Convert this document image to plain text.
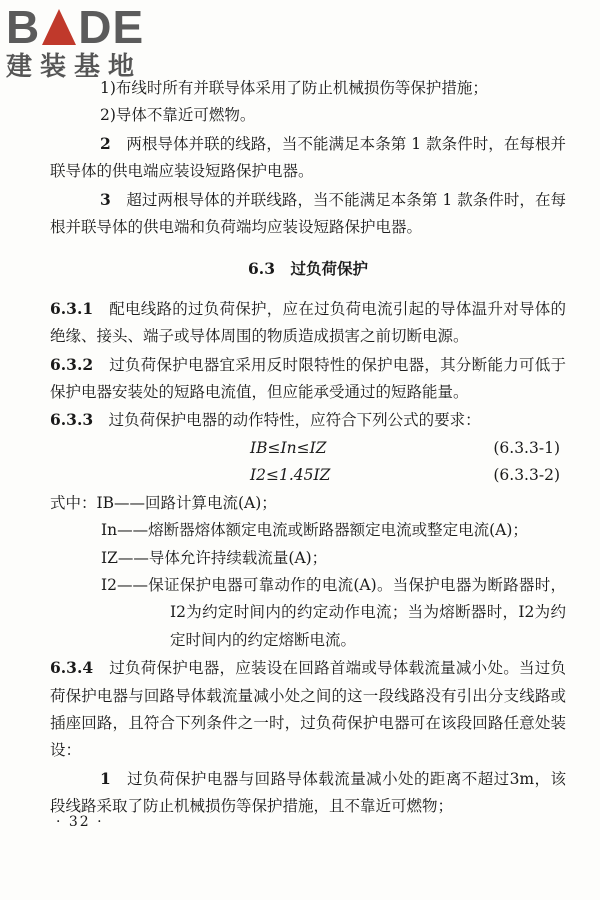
B DE
建装基地

1)布线时所有并联导体采用了防止机械损伤等保护措施；

2)导体不靠近可燃物。

2　 两根导体并联的线路，当不能满足本条第 1 款条件时，在每根并联导体的供电端应装设短路保护电器。

3　 超过两根导体的并联线路，当不能满足本条第 1 款条件时，在每根并联导体的供电端和负荷端均应装设短路保护电器。

6.3　过负荷保护

6.3.1　 配电线路的过负荷保护，应在过负荷电流引起的导体温升对导体的绝缘、接头、端子或导体周围的物质造成损害之前切断电源。

6.3.2　 过负荷保护电器宜采用反时限特性的保护电器，其分断能力可低于保护电器安装处的短路电流值，但应能承受通过的短路能量。

6.3.3　 过负荷保护电器的动作特性，应符合下列公式的要求：

IB≤In≤IZ	(6.3.3-1)
I2≤1.45IZ	(6.3.3-2)

式中：IB——回路计算电流(A)；

In——熔断器熔体额定电流或断路器额定电流或整定电流(A)；

IZ——导体允许持续载流量(A)；

I2——保证保护电器可靠动作的电流(A)。当保护电器为断路器时，I2为约定时间内的约定动作电流；当为熔断器时，I2为约定时间内的约定熔断电流。

6.3.4　 过负荷保护电器，应装设在回路首端或导体载流量减小处。当过负荷保护电器与回路导体载流量减小处之间的这一段线路没有引出分支线路或插座回路，且符合下列条件之一时，过负荷保护电器可在该段回路任意处装设：

1　 过负荷保护电器与回路导体载流量减小处的距离不超过3m，该段线路采取了防止机械损伤等保护措施，且不靠近可燃物；

· 32 ·
